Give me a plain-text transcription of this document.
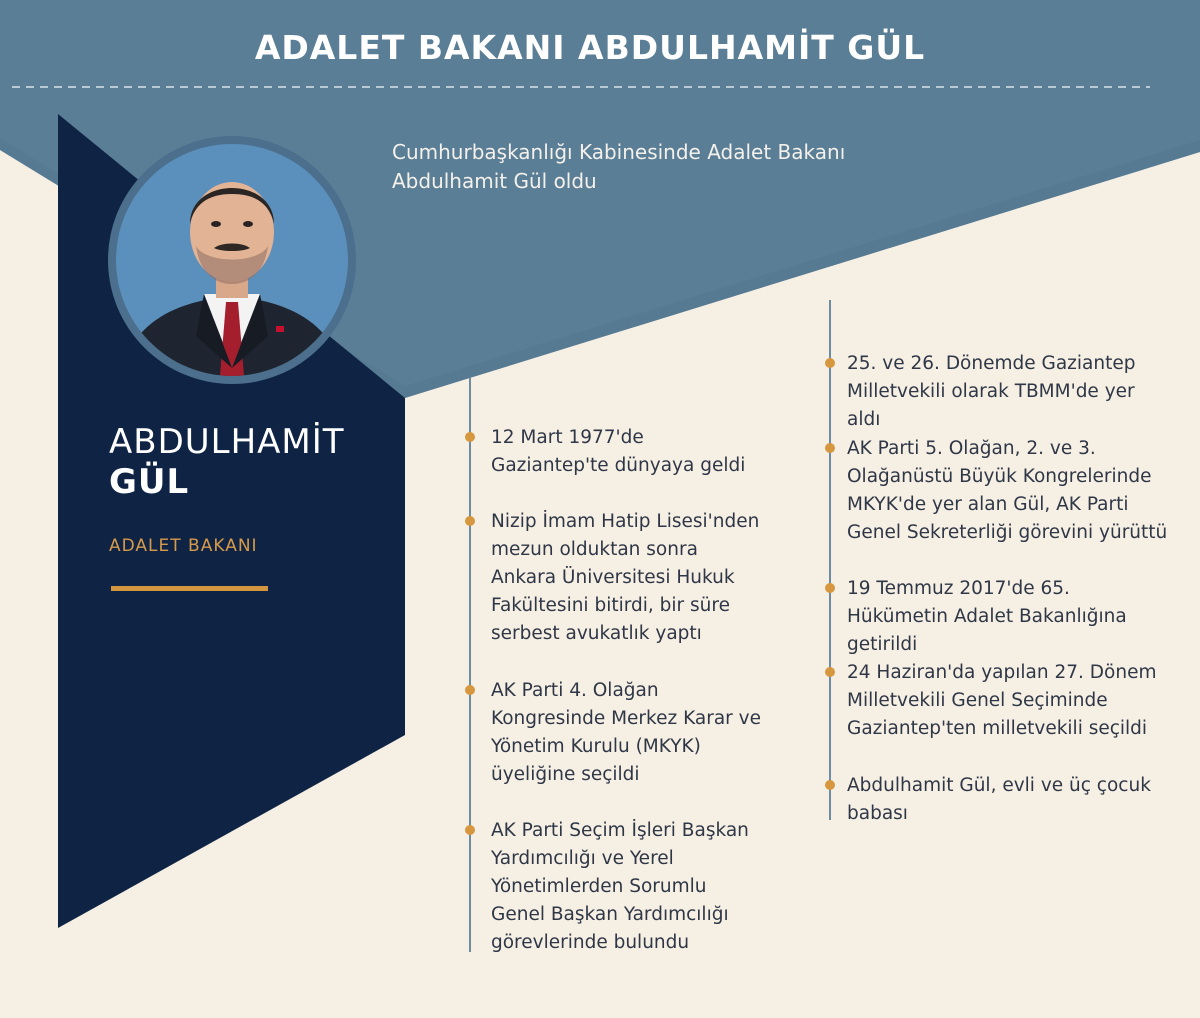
ADALET BAKANI ABDULHAMİT GÜL
Cumhurbaşkanlığı Kabinesinde Adalet Bakanı Abdulhamit Gül oldu
ABDULHAMİT
GÜL
ADALET BAKANI
12 Mart 1977'de Gaziantep'te dünyaya geldi
Nizip İmam Hatip Lisesi'nden mezun olduktan sonra Ankara Üniversitesi Hukuk Fakültesini bitirdi, bir süre serbest avukatlık yaptı
AK Parti 4. Olağan Kongresinde Merkez Karar ve Yönetim Kurulu (MKYK) üyeliğine seçildi
AK Parti Seçim İşleri Başkan Yardımcılığı ve Yerel Yönetimlerden Sorumlu Genel Başkan Yardımcılığı görevlerinde bulundu
25. ve 26. Dönemde Gaziantep Milletvekili olarak TBMM'de yer aldı
AK Parti 5. Olağan, 2. ve 3. Olağanüstü Büyük Kongrelerinde MKYK'de yer alan Gül, AK Parti Genel Sekreterliği görevini yürüttü
19 Temmuz 2017'de 65. Hükümetin Adalet Bakanlığına getirildi
24 Haziran'da yapılan 27. Dönem Milletvekili Genel Seçiminde Gaziantep'ten milletvekili seçildi
Abdulhamit Gül, evli ve üç çocuk babası
